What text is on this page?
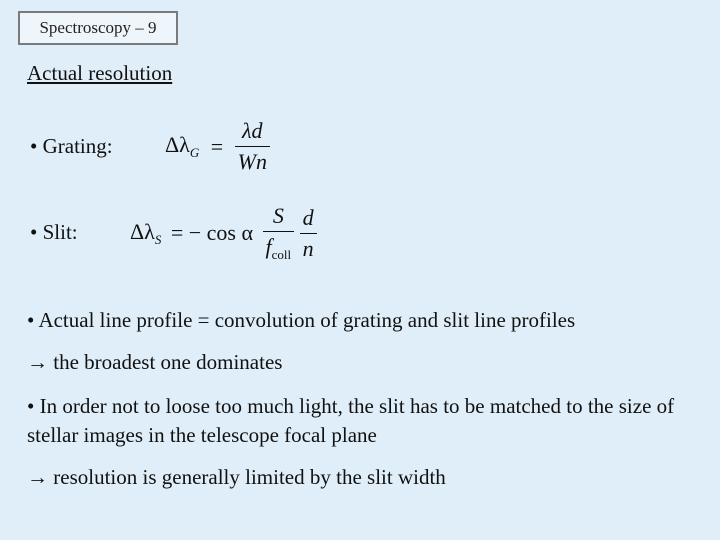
Spectroscopy – 9
Actual resolution
• Grating: $\Delta\lambda_G = \frac{\lambda d}{Wn}$
• Slit: $\Delta\lambda_S$ = − cos α $\frac{S}{f_{coll}}$
$\frac{d}{n}$
• Actual line profile = convolution of grating and slit line profiles
→ the broadest one dominates
• In order not to loose too much light, the slit has to be matched to the size of stellar images in the telescope focal plane
→ resolution is generally limited by the slit width
